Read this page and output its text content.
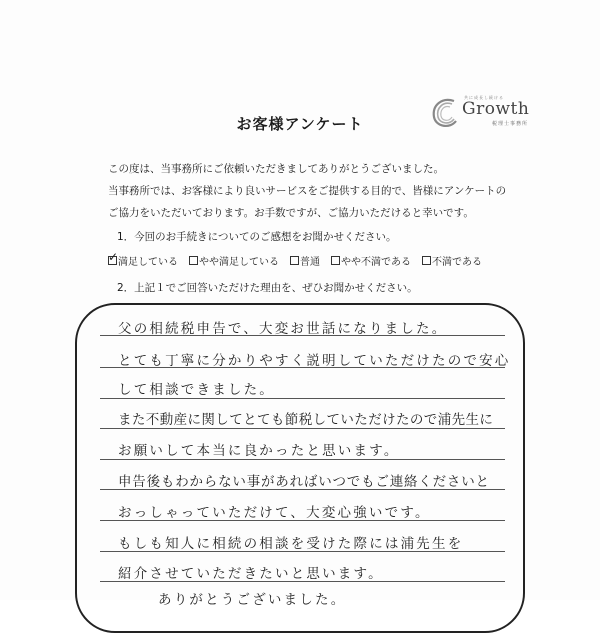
共に成長し続ける
Growth
税理士事務所
お客様アンケート
この度は、当事務所にご依頼いただきましてありがとうございました。
当事務所では、お客様により良いサービスをご提供する目的で、皆様にアンケートの
ご協力をいただいております。お手数ですが、ご協力いただけると幸いです。
1．今回のお手続きについてのご感想をお聞かせください。
✓ 満足している やや満足している 普通 やや不満である 不満である
2．上記１でご回答いただけた理由を、ぜひお聞かせください。
父の相続税申告で、大変お世話になりました。
とても丁寧に分かりやすく説明していただけたので安心
して相談できました。
また不動産に関してとても節税していただけたので浦先生に
お願いして本当に良かったと思います。
申告後もわからない事があればいつでもご連絡くださいと
おっしゃっていただけて、大変心強いです。
もしも知人に相続の相談を受けた際には浦先生を
紹介させていただきたいと思います。
ありがとうございました。
